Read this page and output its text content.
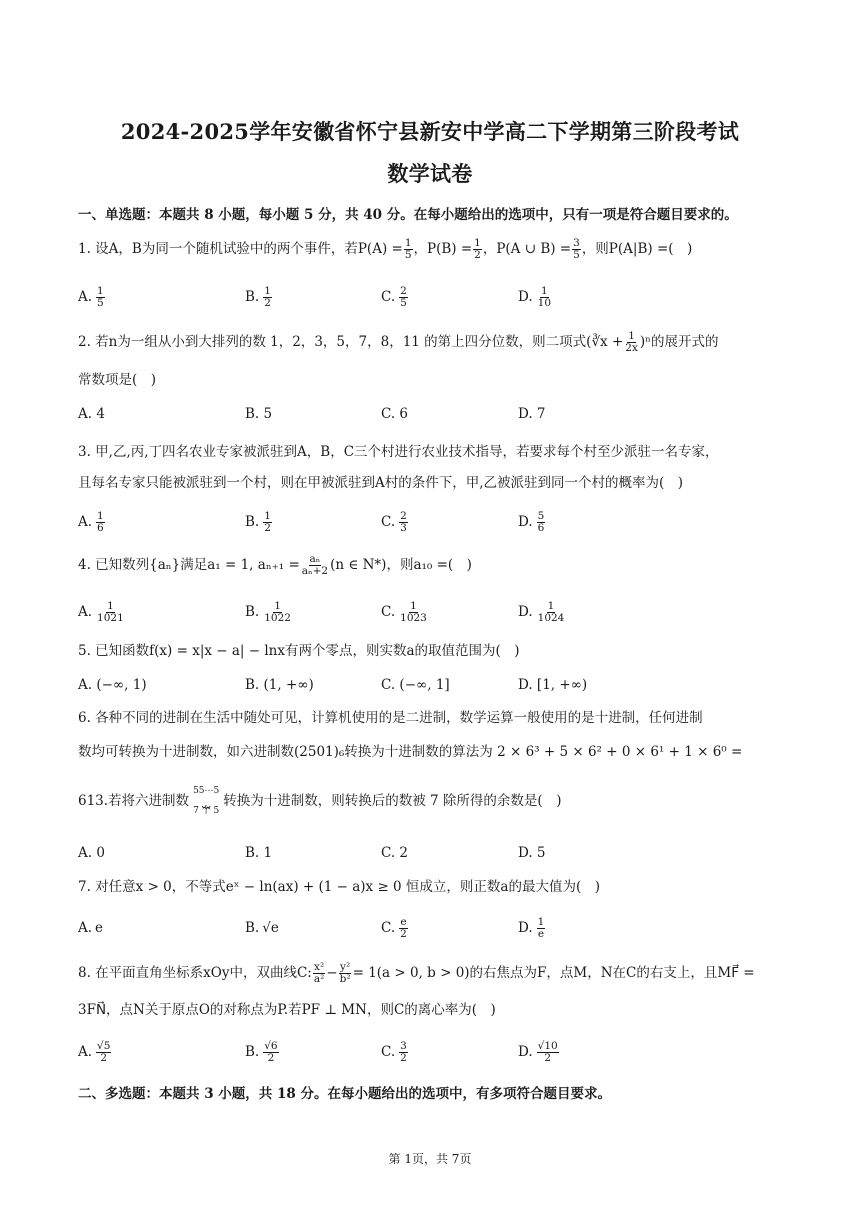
2024-2025学年安徽省怀宁县新安中学高二下学期第三阶段考试
数学试卷
一、单选题：本题共 8 小题，每小题 5 分，共 40 分。在每小题给出的选项中，只有一项是符合题目要求的。
1. 设A，B为同一个随机试验中的两个事件，若$P(A) = \frac{1}{5}$ ，$P(B) = \frac{1}{2}$ ，P(A ∪ $B) = \frac{3}{5}$ ，则P(A|B) =(　)
A. $\frac{1}{5}$	B. $\frac{1}{2}$	C. $\frac{2}{5}$	D. $\frac{1}{10}$
2. 若n为一组从小到大排列的数 1，2，3，5，7，8，11 的第上四分位数，则二项式(∛x + $\frac{1}{2x} )^n$的展开式的
常数项是(　)
A. 4	B. 5	C. 6	D. 7
3. 甲,乙,丙,丁四名农业专家被派驻到A，B，C三个村进行农业技术指导，若要求每个村至少派驻一名专家，
且每名专家只能被派驻到一个村，则在甲被派驻到A村的条件下，甲,乙被派驻到同一个村的概率为(　)
A. $\frac{1}{6}$	B. $\frac{1}{2}$	C. $\frac{2}{3}$	D. $\frac{5}{6}$
4. 已知数列{aₙ}满足a₁ = 1, $a_{n+1} = \frac{\text{aₙ}}{\text{aₙ+2}} (n$ ∈ N*)，则a₁₀ =(　)
A. $\frac{1}{1021}$	B. $\frac{1}{1022}$	C. $\frac{1}{1023}$	D. $\frac{1}{1024}$
5. 已知函数f(x) = x|x − a| − lnx有两个零点，则实数a的取值范围为(　)
A. (−∞, 1)	B. (1, +∞)	C. (−∞, 1]	D. [1, +∞)
6. 各种不同的进制在生活中随处可见，计算机使用的是二进制，数学运算一般使用的是十进制，任何进制
数均可转换为十进制数，如六进制数(2501)₆转换为十进制数的算法为 2 × 6³ + 5 × 6² + 0 × 6¹ + 1 × 6⁰ =
613.若将六进制数
55⋯5
⏟
7 个 5
转换为十进制数，则转换后的数被 7 除所得的余数是(　)
A. 0	B. 1	C. 2	D. 5
7. 对任意x > 0，不等式eˣ − ln(ax) + (1 − a)x ≥ 0 恒成立，则正数a的最大值为(　)
A. e	B. √e	C. $\frac{e}{2}$	D. $\frac{1}{e}$
8. 在平面直角坐标系xOy中，双曲线C: $\frac{\text{x²}}{\text{a²}} - \frac{\text{y²}}{\text{b²}} = 1(a > 0$, b > 0)的右焦点为F，点M，N在C的右支上，且MF⃗ =
3FN⃗，点N关于原点O的对称点为P.若PF ⊥ MN，则C的离心率为(　)
A. $\frac{√5}{2}$	B. $\frac{√6}{2}$	C. $\frac{3}{2}$	D. $\frac{√10}{2}$
二、多选题：本题共 3 小题，共 18 分。在每小题给出的选项中，有多项符合题目要求。
第 1页，共 7页
